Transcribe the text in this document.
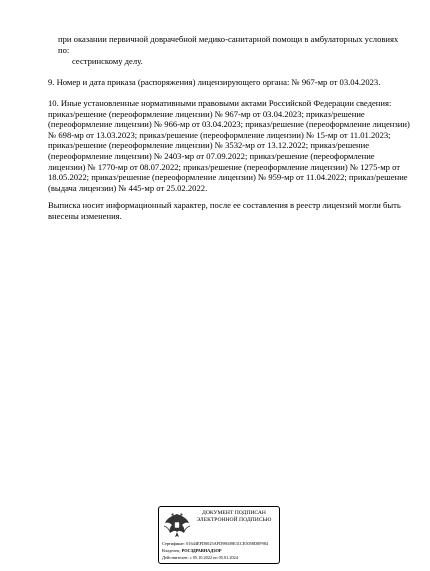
при оказании первичной доврачебной медико-санитарной помощи в амбулаторных условиях по:

сестринскому делу.

9. Номер и дата приказа (распоряжения) лицензирующего органа: № 967-мр от 03.04.2023.

10. Иные установленные нормативными правовыми актами Российской Федерации сведения: приказ/решение (переоформление лицензии) № 967-мр от 03.04.2023; приказ/решение (переоформление лицензии) № 966-мр от 03.04.2023; приказ/решение (переоформление лицензии) № 698-мр от 13.03.2023; приказ/решение (переоформление лицензии) № 15-мр от 11.01.2023; приказ/решение (переоформление лицензии) № 3532-мр от 13.12.2022; приказ/решение (переоформление лицензии) № 2403-мр от 07.09.2022; приказ/решение (переоформление лицензии) № 1770-мр от 08.07.2022; приказ/решение (переоформление лицензии) № 1275-мр от 18.05.2022; приказ/решение (переоформление лицензии) № 959-мр от 11.04.2022; приказ/решение (выдача лицензии) № 445-мр от 25.02.2022.

Выписка носит информационный характер, после ее составления в реестр лицензий могли быть внесены изменения.

ДОКУМЕНТ ПОДПИСАН
ЭЛЕКТРОННОЙ ПОДПИСЬЮ

Сертификат: 01644EFD0025AFD98049E31CE5058D8F984

Владелец: РОСЗДРАВНАДЗОР

Действителен: с 05.10.2022 по 05.01.2024
